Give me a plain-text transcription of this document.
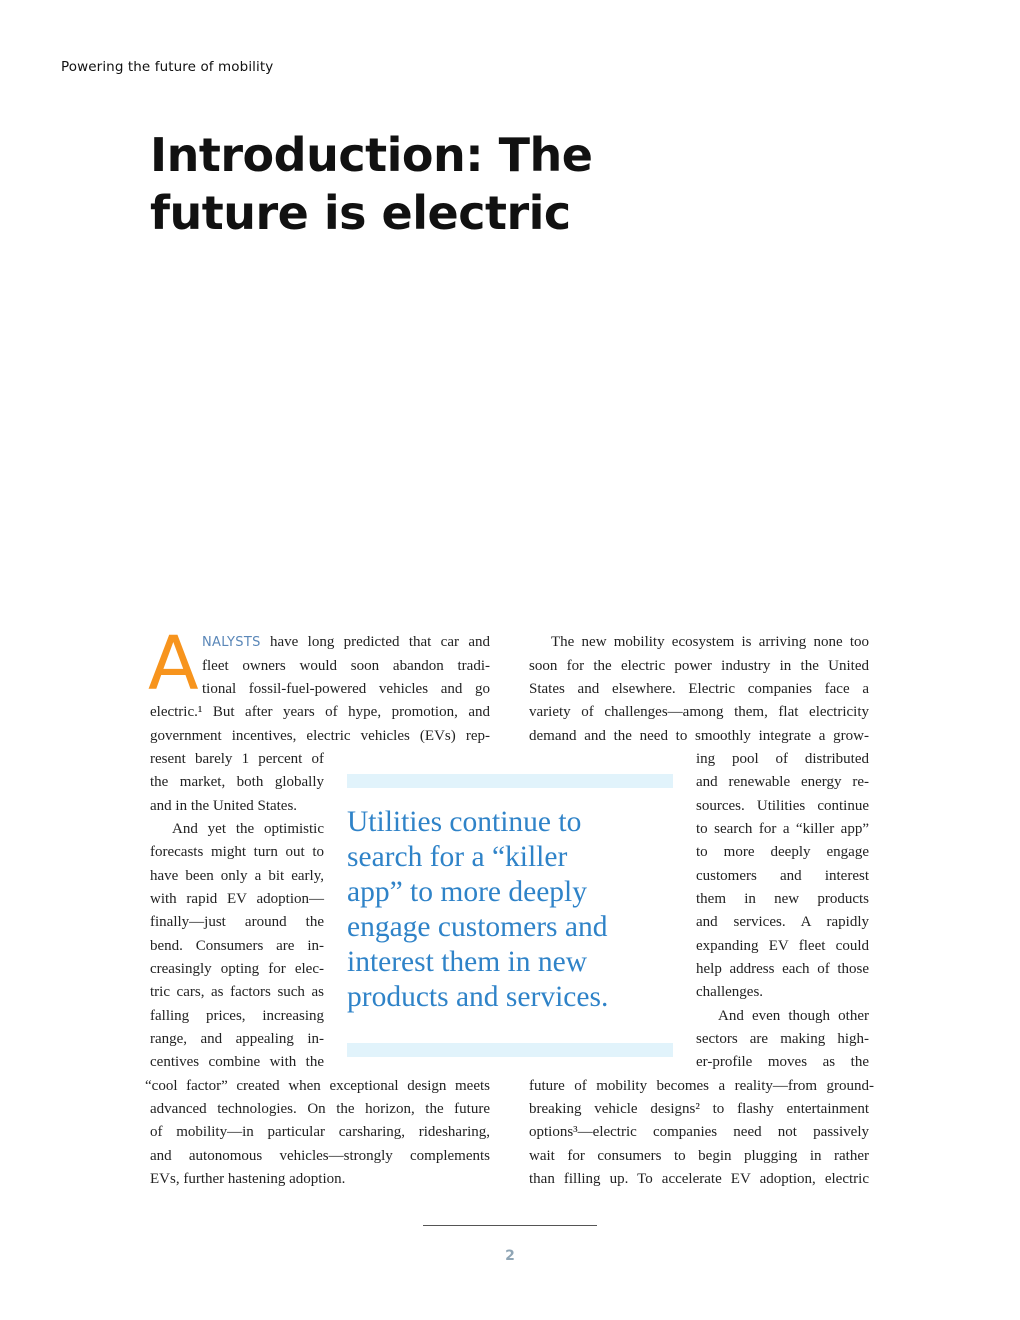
Powering the future of mobility
Introduction: The
future is electric
A NALYSTS have long predicted that car and
fleet owners would soon abandon tradi-
tional fossil-fuel-powered vehicles and go
electric.¹ But after years of hype, promotion, and
government incentives, electric vehicles (EVs) rep-
resent barely 1 percent of
the market, both globally
and in the United States.
And yet the optimistic
forecasts might turn out to
have been only a bit early,
with rapid EV adoption—
finally—just around the
bend. Consumers are in-
creasingly opting for elec-
tric cars, as factors such as
falling prices, increasing
range, and appealing in-
centives combine with the
“cool factor” created when exceptional design meets
advanced technologies. On the horizon, the future
of mobility—in particular carsharing, ridesharing,
and autonomous vehicles—strongly complements
EVs, further hastening adoption.
The new mobility ecosystem is arriving none too
soon for the electric power industry in the United
States and elsewhere. Electric companies face a
variety of challenges—among them, flat electricity
demand and the need to smoothly integrate a grow-
ing pool of distributed
and renewable energy re-
sources. Utilities continue
to search for a “killer app”
to more deeply engage
customers and interest
them in new products
and services. A rapidly
expanding EV fleet could
help address each of those
challenges.
And even though other
sectors are making high-
er-profile moves as the
future of mobility becomes a reality—from ground-
breaking vehicle designs² to flashy entertainment
options³—electric companies need not passively
wait for consumers to begin plugging in rather
than filling up. To accelerate EV adoption, electric
Utilities continue to
search for a “killer
app” to more deeply
engage customers and
interest them in new
products and services.
2
